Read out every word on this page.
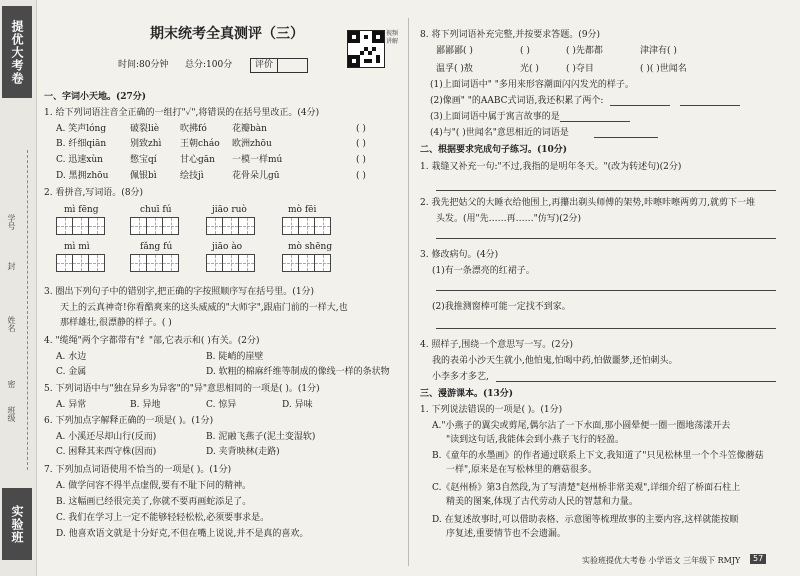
提优大考卷
学号
封
姓名
密
班级
实验班
期末统考全真测评（三）
时间:80分钟 总分:100分	评价
视频讲解
一、字词小天地。(27分)
1. 给下列词语注音全正确的一组打"✓",将错误的在括号里改正。(4分)
A. 笑声lóng	破裂liè 吹拂fó	花瓣bàn	( )
B. 纤细qiān	别致zhì 王朝cháo 欧洲zhōu	( )
C. 迅速xùn	憋宝qí	甘心gān 一模一样mú	( )
D. 黑拥zhōu 佩银bì	绘技jì	花骨朵儿gū	( )
2. 看拼音,写词语。(8分)
mì fēng	chuī fú	jiāo ruò	mò fēi
mì mì	fǎng fú	jiāo ào	mò shēng
3. 圈出下列句子中的错别字,把正确的字按照顺序写在括号里。(1分)
天上的云真神奇!你看酷爽来的这头威威的"大师字",跟庙门前的一样大,也
那样雄壮,很漂静的样子。( )
4. "缆绳"两个字都带有"纟"部,它表示和( )有关。(2分)
A. 水边	B. 陡峭的崖壁
C. 金属	D. 软粗的棉麻纤维等制成的像线一样的条状物
5. 下列词语中与"独在异乡为异客"的"异"意思相同的一项是( )。(1分)
A. 异常	B. 异地	C. 惊异	D. 异味
6. 下列加点字解释正确的一项是( )。(1分)
A. 小溪还尽却山行(反而)	B. 泥融飞燕子(泥土变湿软)
C. 困释其来西守株(因而)	D. 夹背映林(走路)
7. 下列加点词语使用不恰当的一项是( )。(1分)
A. 做学问容不得半点虚假,要有不耻下问的精神。
B. 这幅画已经很完美了,你就不要再画蛇添足了。
C. 我们在学习上一定不能够轻轻松松,必须要事求是。
D. 他喜欢语文就是十分好克,不但在嘴上说说,并不是真的喜欢。
8. 将下列词语补充完整,并按要求答题。(9分)
鄙鄙鄙( )	( )	( )先都都	津津有( )
温孚( )敖	光( )	( )夺目	( )( )世闻名
(1)上面词语中" "多用来形容潮面闪闪发光的样子。
(2)像画" "的AABC式词语,我还积累了两个:
(3)上面词语中属于寓言故事的是
(4)与"( )世闻名"意思相近的词语是
二、根据要求完成句子练习。(10分)
1. 栽缝又补充一句:"不过,我指的是明年冬天。"(改为转述句)(2分)
2. 我先把姑父的大睡衣给他围上,再攥出剃头师傅的架势,咔嚓咔嚓两剪刀,就剪下一堆
头发。(用"先……再……"仿写)(2分)
3. 修改病句。(4分)
(1)有一条漂亮的红裙子。
(2)我推测窗棒可能一定找不到家。
4. 照样子,围绕一个意思写一写。(2分)
我的表弟小沙天生就小,他怕鬼,怕喝中药,怕做噩梦,还怕刺头。
小李多才多艺,
三、漫游课本。(13分)
1. 下列说法错误的一项是( )。(1分)
A."小燕子的翼尖或剪尾,偶尔沾了一下水面,那小圆晕便一圈一圈地荡漾开去
"读到这句话,我能体会到小燕子飞行的轻盈。
B.《童年的水墨画》的作者通过联系上下文,我知道了"只见松林里一个个斗笠像蘑菇
一样",原来是在写松林里的蘑菇很多。
C.《赵州桥》第3自然段,为了写清楚"赵州桥非常美观",详细介绍了桥面石柱上
精美的图案,体现了古代劳动人民的智慧和力量。
D. 在复述故事时,可以借助表格、示意图等梳理故事的主要内容,这样就能按顺
序复述,重要情节也不会遗漏。
实验班提优大考卷 小学语文 三年级下 RMJY	57
